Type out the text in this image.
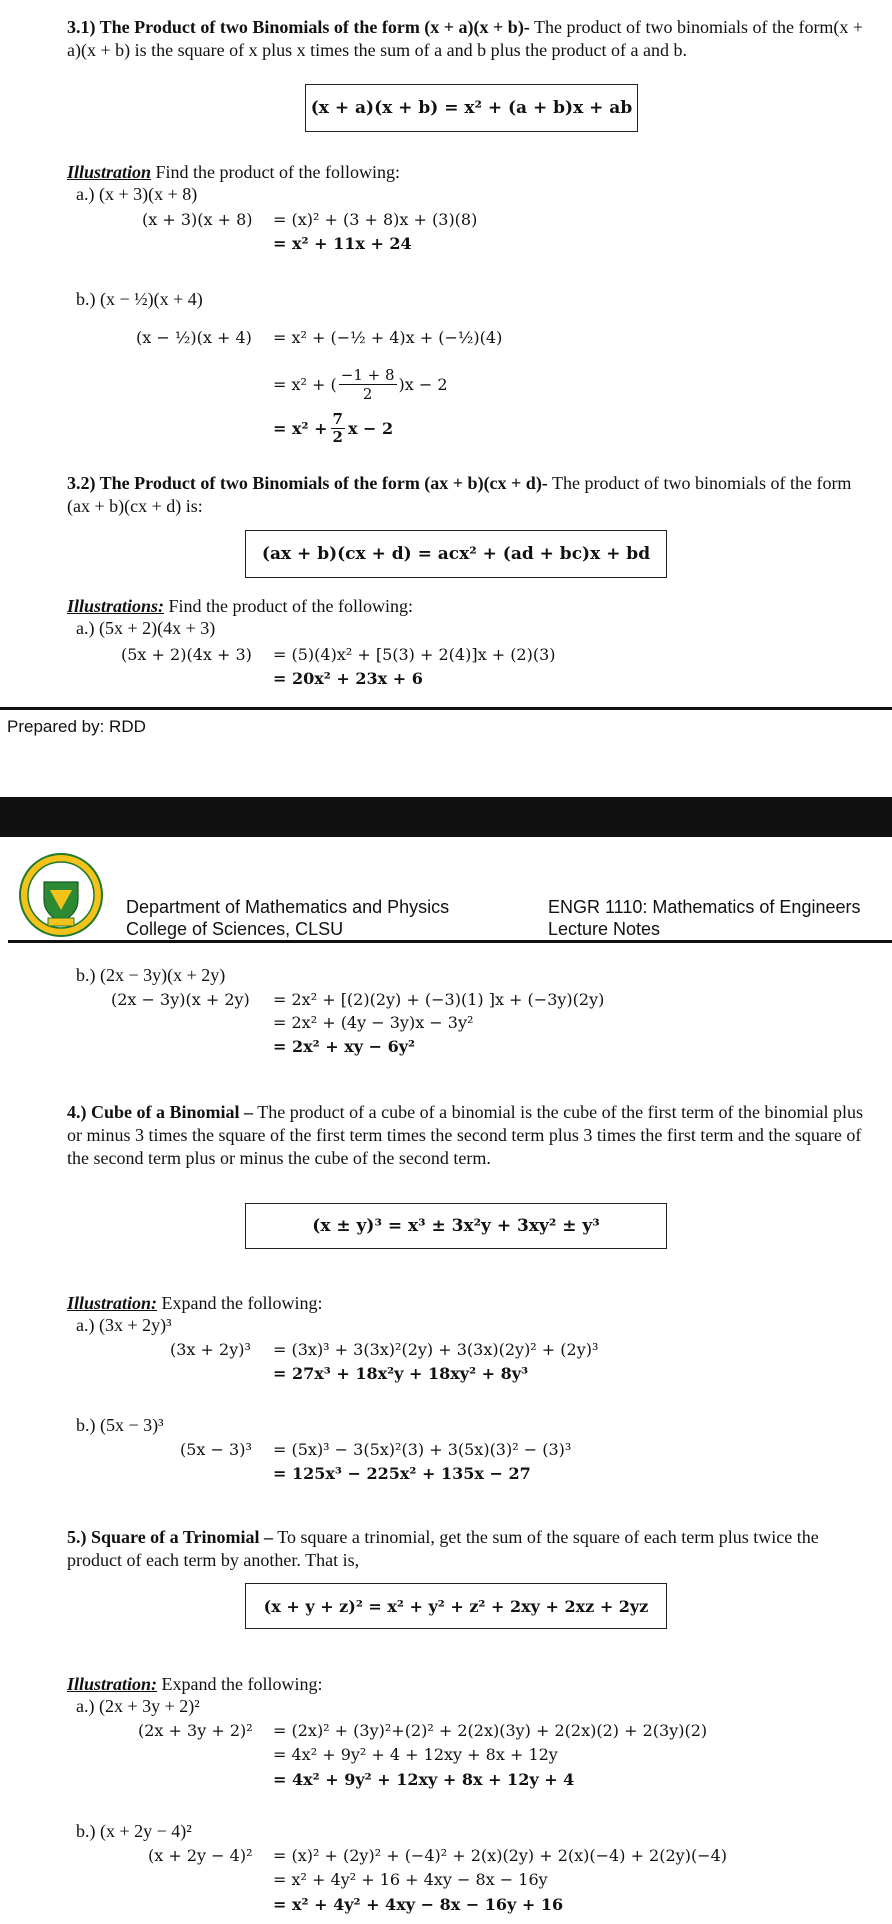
3.1) The Product of two Binomials of the form (x + a)(x + b)- The product of two binomials of the form(x + a)(x + b) is the square of x plus x times the sum of a and b plus the product of a and b.
(x + a)(x + b) = x² + (a + b)x + ab
Illustration Find the product of the following:
a.) (x + 3)(x + 8)
(x + 3)(x + 8) = (x)² + (3 + 8)x + (3)(8)
= x² + 11x + 24
b.) (x − ½)(x + 4)
(x − ½)(x + 4) = x² + (−½ + 4)x + (−½)(4)
= x² + ( $\frac{-1 + 8}{2} )x - 2$
= $x^2 + \frac{7}{2}$ x − 2
3.2) The Product of two Binomials of the form (ax + b)(cx + d)- The product of two binomials of the form (ax + b)(cx + d) is:
(ax + b)(cx + d) = acx² + (ad + bc)x + bd
Illustrations: Find the product of the following:
a.) (5x + 2)(4x + 3)
(5x + 2)(4x + 3) = (5)(4)x² + [5(3) + 2(4)]x + (2)(3)
= 20x² + 23x + 6
Prepared by: RDD
Department of Mathematics and Physics
College of Sciences, CLSU
ENGR 1110: Mathematics of Engineers
Lecture Notes
b.) (2x − 3y)(x + 2y)
(2x − 3y)(x + 2y) = 2x² + [(2)(2y) + (−3)(1) ]x + (−3y)(2y)
= 2x² + (4y − 3y)x − 3y²
= 2x² + xy − 6y²
4.) Cube of a Binomial – The product of a cube of a binomial is the cube of the first term of the binomial plus or minus 3 times the square of the first term times the second term plus 3 times the first term and the square of the second term plus or minus the cube of the second term.
(x ± y)³ = x³ ± 3x²y + 3xy² ± y³
Illustration: Expand the following:
a.) (3x + 2y)³
(3x + 2y)³ = (3x)³ + 3(3x)²(2y) + 3(3x)(2y)² + (2y)³
= 27x³ + 18x²y + 18xy² + 8y³
b.) (5x − 3)³
(5x − 3)³ = (5x)³ − 3(5x)²(3) + 3(5x)(3)² − (3)³
= 125x³ − 225x² + 135x − 27
5.) Square of a Trinomial – To square a trinomial, get the sum of the square of each term plus twice the product of each term by another. That is,
(x + y + z)² = x² + y² + z² + 2xy + 2xz + 2yz
Illustration: Expand the following:
a.) (2x + 3y + 2)²
(2x + 3y + 2)² = (2x)² + (3y)²+(2)² + 2(2x)(3y) + 2(2x)(2) + 2(3y)(2)
= 4x² + 9y² + 4 + 12xy + 8x + 12y
= 4x² + 9y² + 12xy + 8x + 12y + 4
b.) (x + 2y − 4)²
(x + 2y − 4)² = (x)² + (2y)² + (−4)² + 2(x)(2y) + 2(x)(−4) + 2(2y)(−4)
= x² + 4y² + 16 + 4xy − 8x − 16y
= x² + 4y² + 4xy − 8x − 16y + 16
